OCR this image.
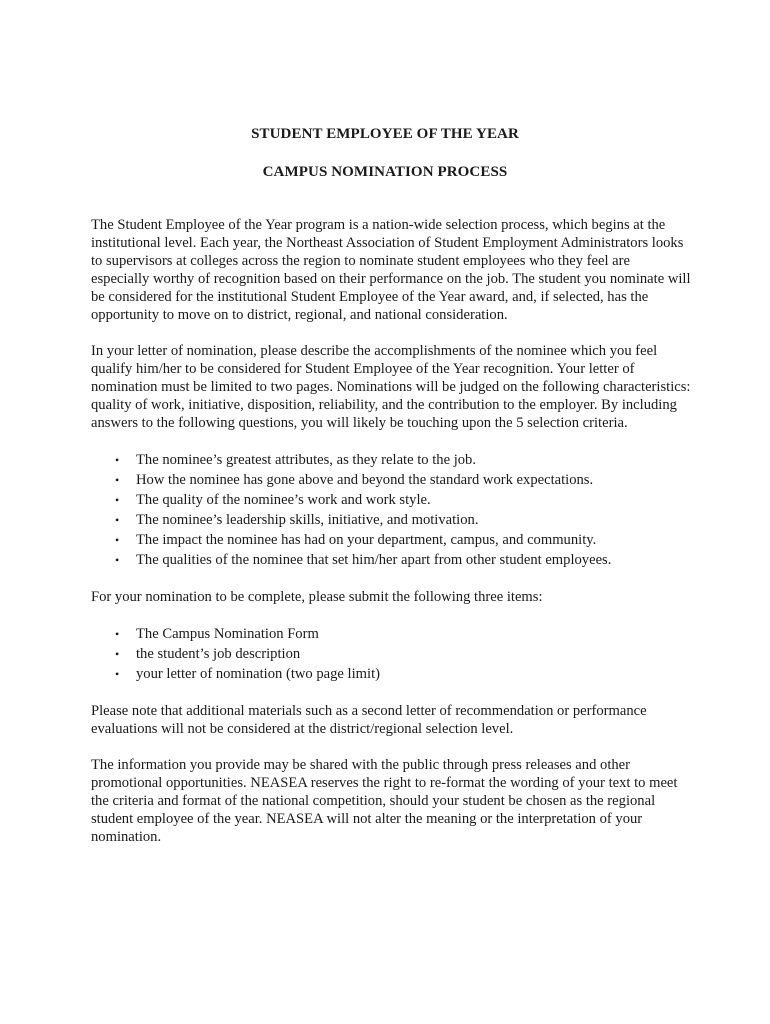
STUDENT EMPLOYEE OF THE YEAR
CAMPUS NOMINATION PROCESS

The Student Employee of the Year program is a nation-wide selection process, which begins at the institutional level. Each year, the Northeast Association of Student Employment Administrators looks to supervisors at colleges across the region to nominate student employees who they feel are especially worthy of recognition based on their performance on the job. The student you nominate will be considered for the institutional Student Employee of the Year award, and, if selected, has the opportunity to move on to district, regional, and national consideration.

In your letter of nomination, please describe the accomplishments of the nominee which you feel qualify him/her to be considered for Student Employee of the Year recognition. Your letter of nomination must be limited to two pages. Nominations will be judged on the following characteristics: quality of work, initiative, disposition, reliability, and the contribution to the employer. By including answers to the following questions, you will likely be touching upon the 5 selection criteria.

• The nominee’s greatest attributes, as they relate to the job.
• How the nominee has gone above and beyond the standard work expectations.
• The quality of the nominee’s work and work style.
• The nominee’s leadership skills, initiative, and motivation.
• The impact the nominee has had on your department, campus, and community.
• The qualities of the nominee that set him/her apart from other student employees.

For your nomination to be complete, please submit the following three items:

• The Campus Nomination Form
• the student’s job description
• your letter of nomination (two page limit)

Please note that additional materials such as a second letter of recommendation or performance evaluations will not be considered at the district/regional selection level.

The information you provide may be shared with the public through press releases and other promotional opportunities. NEASEA reserves the right to re-format the wording of your text to meet the criteria and format of the national competition, should your student be chosen as the regional student employee of the year. NEASEA will not alter the meaning or the interpretation of your nomination.
